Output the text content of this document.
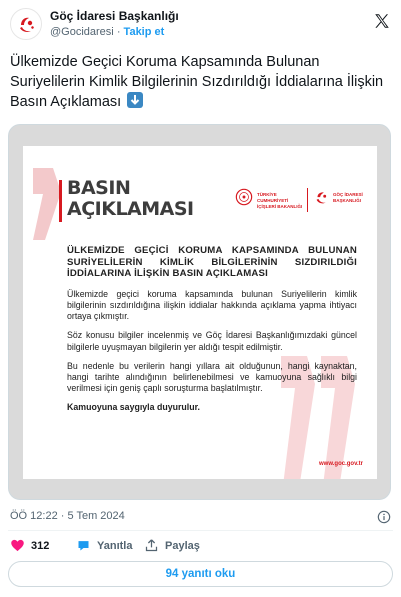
Göç İdaresi Başkanlığı
@Gocidaresi · Takip et
Ülkemizde Geçici Koruma Kapsamında Bulunan Suriyelilerin Kimlik Bilgilerinin Sızdırıldığı İddialarına İlişkin Basın Açıklaması
BASIN
AÇIKLAMASI
TÜRKİYE CUMHURİYETİ İÇİŞLERİ BAKANLIĞI
GÖÇ İDARESİ BAŞKANLIĞI
ÜLKEMİZDE GEÇİCİ KORUMA KAPSAMINDA BULUNAN SURİYELİLERİN KİMLİK BİLGİLERİNİN SIZDIRILDIĞI İDDİALARINA İLİŞKİN BASIN AÇIKLAMASI

Ülkemizde geçici koruma kapsamında bulunan Suriyelilerin kimlik bilgilerinin sızdırıldığına ilişkin iddialar hakkında açıklama yapma ihtiyacı ortaya çıkmıştır.

Söz konusu bilgiler incelenmiş ve Göç İdaresi Başkanlığımızdaki güncel bilgilerle uyuşmayan bilgilerin yer aldığı tespit edilmiştir.

Bu nedenle bu verilerin hangi yıllara ait olduğunun, hangi kaynaktan, hangi tarihte alındığının belirlenebilmesi ve kamuoyuna sağlıklı bilgi verilmesi için geniş çaplı soruşturma başlatılmıştır.

Kamuoyuna saygıyla duyurulur.

www.goc.gov.tr
ÖÖ 12:22 · 5 Tem 2024
312	Yanıtla	Paylaş
94 yanıtı oku
